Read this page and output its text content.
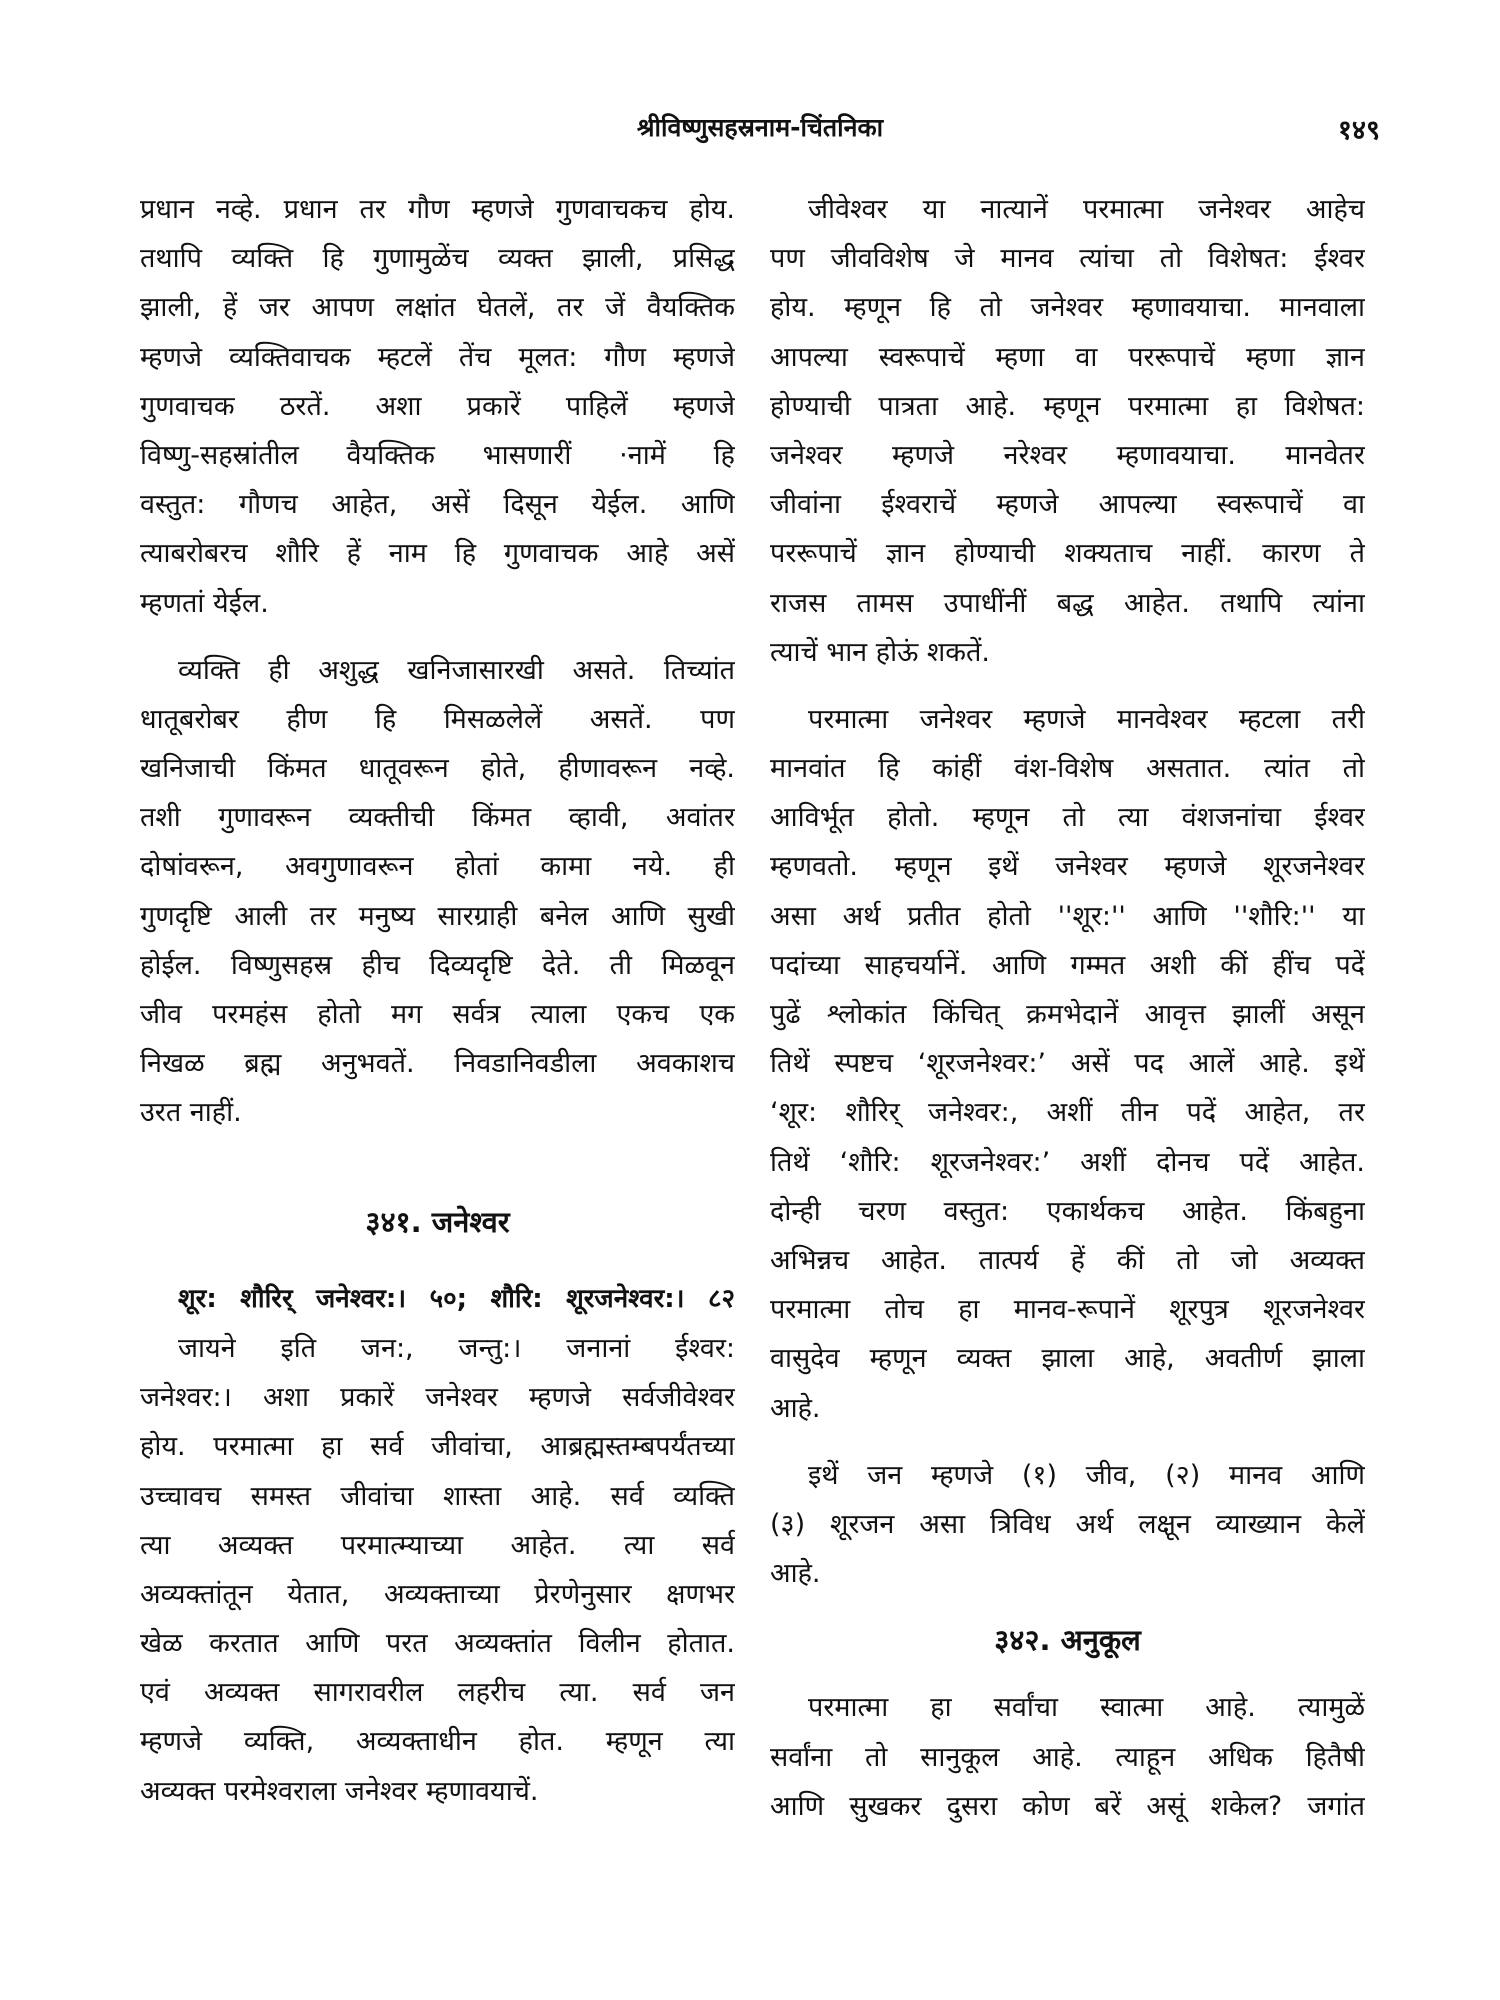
श्रीविष्णुसहस्रनाम-चिंतनिका	१४९
प्रधान नव्हे. प्रधान तर गौण म्हणजे गुणवाचकच होय.
तथापि व्यक्ति हि गुणामुळेंच व्यक्त झाली, प्रसिद्ध
झाली, हें जर आपण लक्षांत घेतलें, तर जें वैयक्तिक
म्हणजे व्यक्तिवाचक म्हटलें तेंच मूलत: गौण म्हणजे
गुणवाचक ठरतें. अशा प्रकारें पाहिलें म्हणजे
विष्णु-सहस्रांतील वैयक्तिक भासणारीं ·नामें हि
वस्तुत: गौणच आहेत, असें दिसून येईल. आणि
त्याबरोबरच शौरि हें नाम हि गुणवाचक आहे असें
म्हणतां येईल.
व्यक्ति ही अशुद्ध खनिजासारखी असते. तिच्यांत
धातूबरोबर हीण हि मिसळलेलें असतें. पण
खनिजाची किंमत धातूवरून होते, हीणावरून नव्हे.
तशी गुणावरून व्यक्तीची किंमत व्हावी, अवांतर
दोषांवरून, अवगुणावरून होतां कामा नये. ही
गुणदृष्टि आली तर मनुष्य सारग्राही बनेल आणि सुखी
होईल. विष्णुसहस्र हीच दिव्यदृष्टि देते. ती मिळवून
जीव परमहंस होतो मग सर्वत्र त्याला एकच एक
निखळ ब्रह्म अनुभवतें. निवडानिवडीला अवकाशच
उरत नाहीं.
३४१. जनेश्वर
शूर: शौरिर् जनेश्वर:। ५०; शौरि: शूरजनेश्वर:। ८२
जायने इति जन:, जन्तु:। जनानां ईश्वर:
जनेश्वर:। अशा प्रकारें जनेश्वर म्हणजे सर्वजीवेश्वर
होय. परमात्मा हा सर्व जीवांचा, आब्रह्मस्तम्बपर्यंतच्या
उच्चावच समस्त जीवांचा शास्ता आहे. सर्व व्यक्ति
त्या अव्यक्त परमात्म्याच्या आहेत. त्या सर्व
अव्यक्तांतून येतात, अव्यक्ताच्या प्रेरणेनुसार क्षणभर
खेळ करतात आणि परत अव्यक्तांत विलीन होतात.
एवं अव्यक्त सागरावरील लहरीच त्या. सर्व जन
म्हणजे व्यक्ति, अव्यक्ताधीन होत. म्हणून त्या
अव्यक्त परमेश्वराला जनेश्वर म्हणावयाचें.
जीवेश्वर या नात्यानें परमात्मा जनेश्वर आहेच
पण जीवविशेष जे मानव त्यांचा तो विशेषत: ईश्वर
होय. म्हणून हि तो जनेश्वर म्हणावयाचा. मानवाला
आपल्या स्वरूपाचें म्हणा वा पररूपाचें म्हणा ज्ञान
होण्याची पात्रता आहे. म्हणून परमात्मा हा विशेषत:
जनेश्वर म्हणजे नरेश्वर म्हणावयाचा. मानवेतर
जीवांना ईश्वराचें म्हणजे आपल्या स्वरूपाचें वा
पररूपाचें ज्ञान होण्याची शक्यताच नाहीं. कारण ते
राजस तामस उपाधींनीं बद्ध आहेत. तथापि त्यांना
त्याचें भान होऊं शकतें.
परमात्मा जनेश्वर म्हणजे मानवेश्वर म्हटला तरी
मानवांत हि कांहीं वंश-विशेष असतात. त्यांत तो
आविर्भूत होतो. म्हणून तो त्या वंशजनांचा ईश्वर
म्हणवतो. म्हणून इथें जनेश्वर म्हणजे शूरजनेश्वर
असा अर्थ प्रतीत होतो ''शूर:'' आणि ''शौरि:'' या
पदांच्या साहचर्यानें. आणि गम्मत अशी कीं हींच पदें
पुढें श्लोकांत किंचित् क्रमभेदानें आवृत्त झालीं असून
तिथें स्पष्टच ‘शूरजनेश्वर:’ असें पद आलें आहे. इथें
‘शूर: शौरिर् जनेश्वर:, अशीं तीन पदें आहेत, तर
तिथें ‘शौरि: शूरजनेश्वर:’ अशीं दोनच पदें आहेत.
दोन्ही चरण वस्तुत: एकार्थकच आहेत. किंबहुना
अभिन्नच आहेत. तात्पर्य हें कीं तो जो अव्यक्त
परमात्मा तोच हा मानव-रूपानें शूरपुत्र शूरजनेश्वर
वासुदेव म्हणून व्यक्त झाला आहे, अवतीर्ण झाला
आहे.
इथें जन म्हणजे (१) जीव, (२) मानव आणि
(३) शूरजन असा त्रिविध अर्थ लक्षून व्याख्यान केलें
आहे.
३४२. अनुकूल
परमात्मा हा सर्वांचा स्वात्मा आहे. त्यामुळें
सर्वांना तो सानुकूल आहे. त्याहून अधिक हितैषी
आणि सुखकर दुसरा कोण बरें असूं शकेल? जगांत
